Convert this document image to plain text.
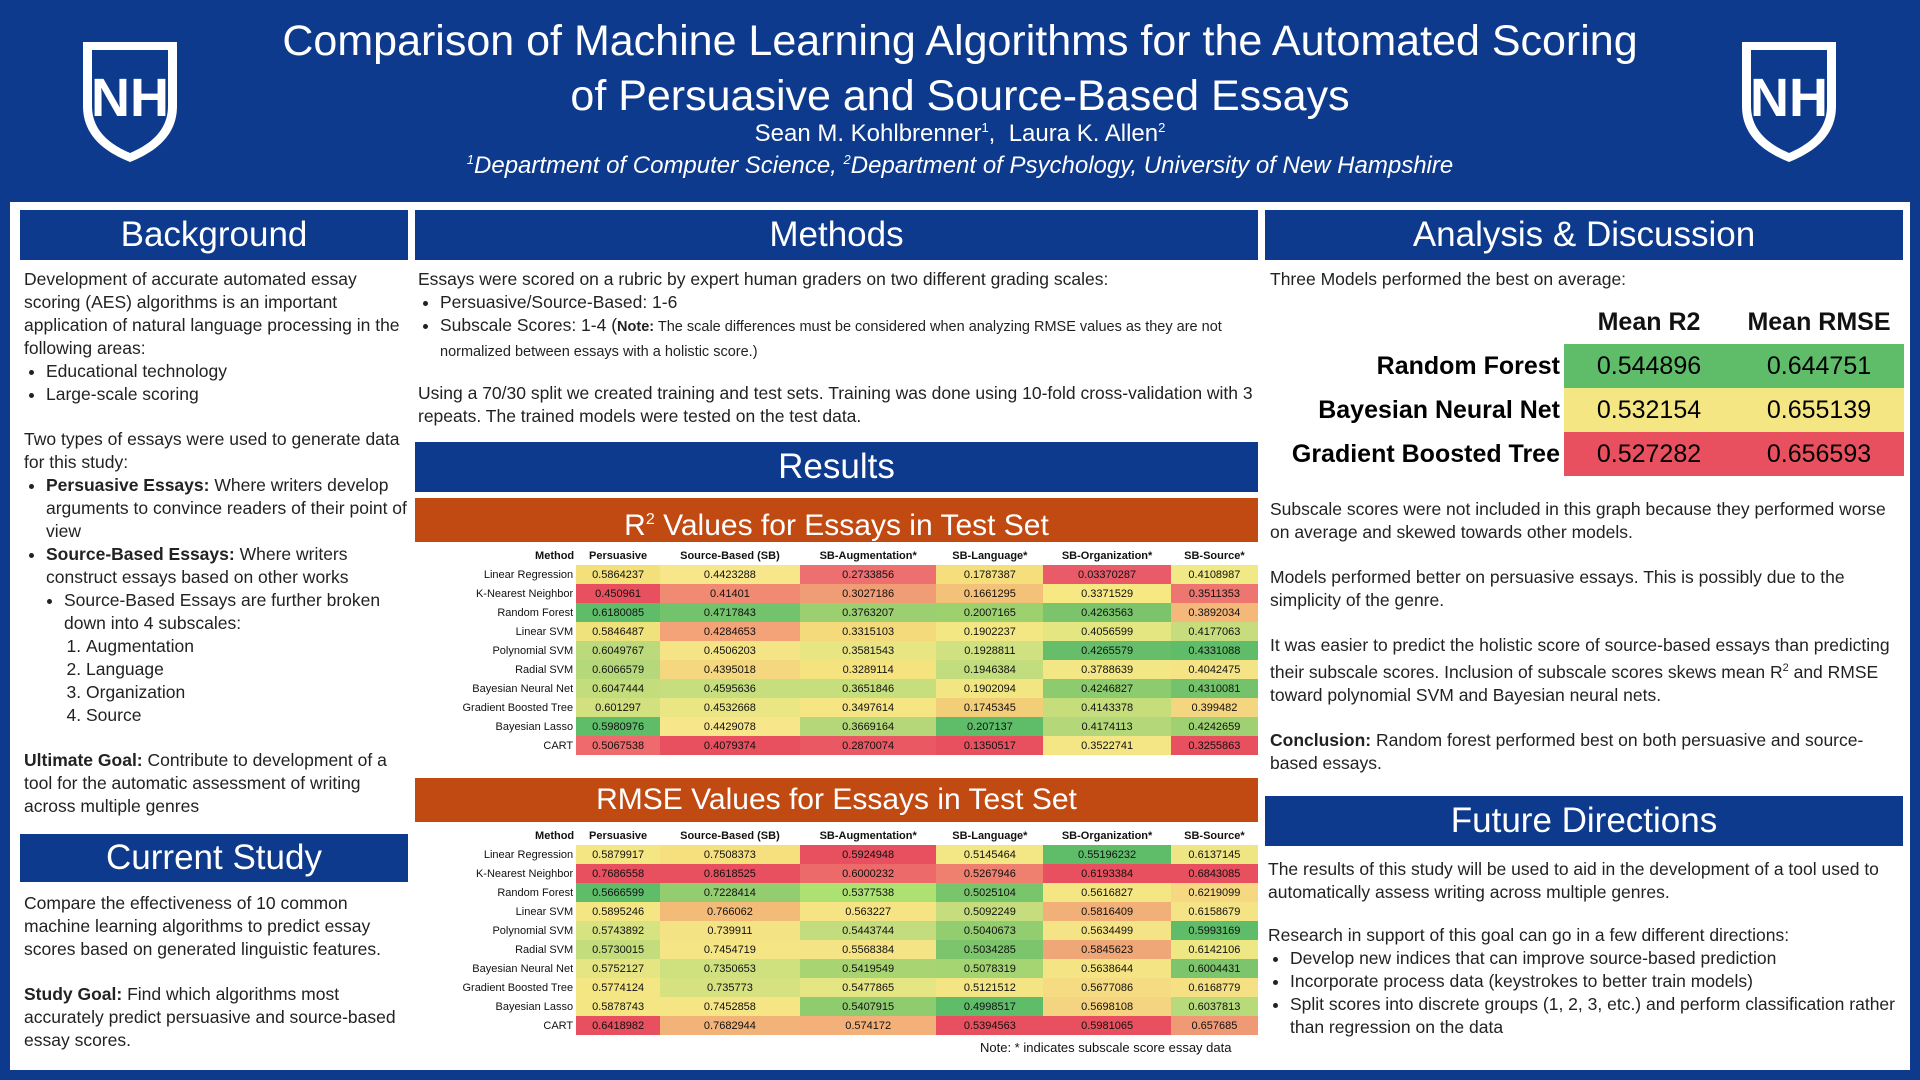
NH	NH
Comparison of Machine Learning Algorithms for the Automated Scoring
of Persuasive and Source-Based Essays
Sean M. Kohlbrenner$^1$,  Laura K. Allen$^2$
$^1$Department of Computer Science, $^2$Department of Psychology, University of New Hampshire
Background
Development of accurate automated essay scoring (AES) algorithms is an important application of natural language processing in the following areas:
• Educational technology
• Large-scale scoring
Two types of essays were used to generate data for this study:
• Persuasive Essays: Where writers develop arguments to convince readers of their point of view
• Source-Based Essays: Where writers construct essays based on other works
• Source-Based Essays are further broken down into 4 subscales:
1. Augmentation
2. Language
3. Organization
4. Source
Ultimate Goal: Contribute to development of a tool for the automatic assessment of writing across multiple genres
Current Study

Compare the effectiveness of 10 common machine learning algorithms to predict essay scores based on generated linguistic features.

Study Goal: Find which algorithms most accurately predict persuasive and source-based essay scores.
Methods
Essays were scored on a rubric by expert human graders on two different grading scales:
• Persuasive/Source-Based: 1-6
• Subscale Scores: 1-4 (Note: The scale differences must be considered when analyzing RMSE values as they are not normalized between essays with a holistic score.)
Using a 70/30 split we created training and test sets. Training was done using 10-fold cross-validation with 3 repeats. The trained models were tested on the test data.
Results
$R^2$ Values for Essays in Test Set
Method	Persuasive	Source-Based (SB)	SB-Augmentation*	SB-Language*	SB-Organization*	SB-Source*
Linear Regression	0.5864237	0.4423288	0.2733856	0.1787387	0.03370287	0.4108987
K-Nearest Neighbor	0.450961	0.41401	0.3027186	0.1661295	0.3371529	0.3511353
Random Forest	0.6180085	0.4717843	0.3763207	0.2007165	0.4263563	0.3892034
Linear SVM	0.5846487	0.4284653	0.3315103	0.1902237	0.4056599	0.4177063
Polynomial SVM	0.6049767	0.4506203	0.3581543	0.1928811	0.4265579	0.4331088
Radial SVM	0.6066579	0.4395018	0.3289114	0.1946384	0.3788639	0.4042475
Bayesian Neural Net	0.6047444	0.4595636	0.3651846	0.1902094	0.4246827	0.4310081
Gradient Boosted Tree	0.601297	0.4532668	0.3497614	0.1745345	0.4143378	0.399482
Bayesian Lasso	0.5980976	0.4429078	0.3669164	0.207137	0.4174113	0.4242659
CART	0.5067538	0.4079374	0.2870074	0.1350517	0.3522741	0.3255863
RMSE Values for Essays in Test Set
Method	Persuasive	Source-Based (SB)	SB-Augmentation*	SB-Language*	SB-Organization*	SB-Source*
Linear Regression	0.5879917	0.7508373	0.5924948	0.5145464	0.55196232	0.6137145
K-Nearest Neighbor	0.7686558	0.8618525	0.6000232	0.5267946	0.6193384	0.6843085
Random Forest	0.5666599	0.7228414	0.5377538	0.5025104	0.5616827	0.6219099
Linear SVM	0.5895246	0.766062	0.563227	0.5092249	0.5816409	0.6158679
Polynomial SVM	0.5743892	0.739911	0.5443744	0.5040673	0.5634499	0.5993169
Radial SVM	0.5730015	0.7454719	0.5568384	0.5034285	0.5845623	0.6142106
Bayesian Neural Net	0.5752127	0.7350653	0.5419549	0.5078319	0.5638644	0.6004431
Gradient Boosted Tree	0.5774124	0.735773	0.5477865	0.5121512	0.5677086	0.6168779
Bayesian Lasso	0.5878743	0.7452858	0.5407915	0.4998517	0.5698108	0.6037813
CART	0.6418982	0.7682944	0.574172	0.5394563	0.5981065	0.657685
Note: * indicates subscale score essay data
Analysis & Discussion
Three Models performed the best on average:
	Mean R2	Mean RMSE
Random Forest	0.544896	0.644751
Bayesian Neural Net	0.532154	0.655139
Gradient Boosted Tree	0.527282	0.656593

Subscale scores were not included in this graph because they performed worse on average and skewed towards other models.

Models performed better on persuasive essays. This is possibly due to the simplicity of the genre.

It was easier to predict the holistic score of source-based essays than predicting their subscale scores. Inclusion of subscale scores skews mean $R^2$ and RMSE toward polynomial SVM and Bayesian neural nets.

Conclusion: Random forest performed best on both persuasive and source-based essays.
Future Directions

The results of this study will be used to aid in the development of a tool used to automatically assess writing across multiple genres.

Research in support of this goal can go in a few different directions:
• Develop new indices that can improve source-based prediction
• Incorporate process data (keystrokes to better train models)
• Split scores into discrete groups (1, 2, 3, etc.) and perform classification rather than regression on the data
